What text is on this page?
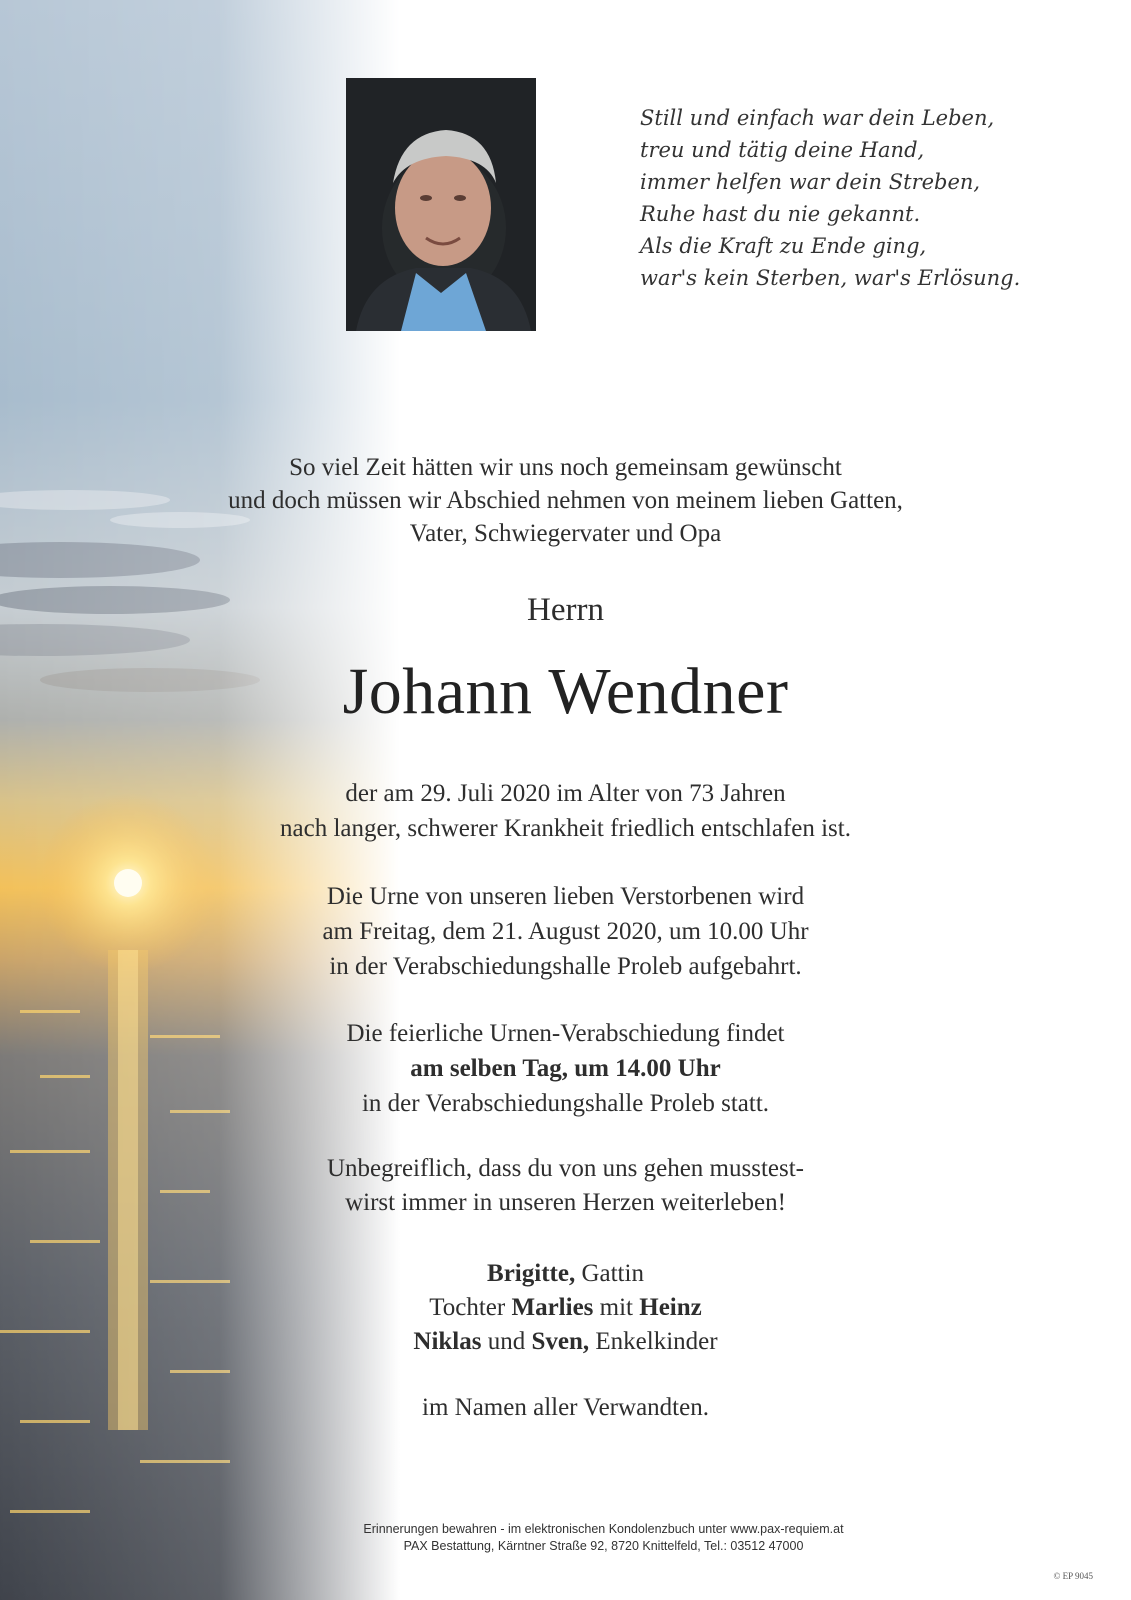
Still und einfach war dein Leben,
treu und tätig deine Hand,
immer helfen war dein Streben,
Ruhe hast du nie gekannt.
Als die Kraft zu Ende ging,
war's kein Sterben, war's Erlösung.
So viel Zeit hätten wir uns noch gemeinsam gewünscht
und doch müssen wir Abschied nehmen von meinem lieben Gatten,
Vater, Schwiegervater und Opa
Herrn
Johann Wendner
der am 29. Juli 2020 im Alter von 73 Jahren
nach langer, schwerer Krankheit friedlich entschlafen ist.
Die Urne von unseren lieben Verstorbenen wird
am Freitag, dem 21. August 2020, um 10.00 Uhr
in der Verabschiedungshalle Proleb aufgebahrt.
Die feierliche Urnen-Verabschiedung findet
am selben Tag, um 14.00 Uhr
in der Verabschiedungshalle Proleb statt.
Unbegreiflich, dass du von uns gehen musstest-
wirst immer in unseren Herzen weiterleben!
Brigitte, Gattin
Tochter Marlies mit Heinz
Niklas und Sven, Enkelkinder
im Namen aller Verwandten.
Erinnerungen bewahren - im elektronischen Kondolenzbuch unter www.pax-requiem.at
PAX Bestattung, Kärntner Straße 92, 8720 Knittelfeld, Tel.: 03512 47000
© EP 9045
